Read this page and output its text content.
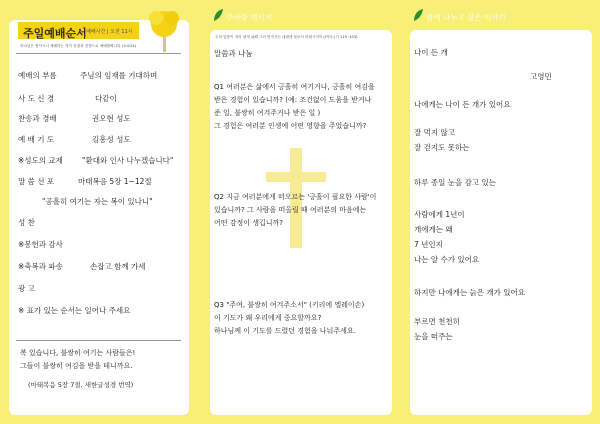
주일예배순서 예배시간 | 오전 11시
하나님은 영이시니 예배하는 자가 신령과 진정으로 예배할찌니라 (요4:24)
예배의 부름	주님의 임재를 기대하며
사 도 신 경	다같이
찬송과 경배	권오현 성도
예 배 기 도	김흥성 성도
※성도의 교제	"환대와 인사 나누겠습니다"
말 씀 선 포	마태복음 5장 1~12절
"공흘히 여기는 자는 복이 있나니"
성 찬
※봉헌과 감사
※축복과 파송	손잡고 함께 가세
광 고
※ 표가 있는 순서는 일어나 주세요
복 있습니다, 불쌍히 여기는 사람들은!
그들이 불쌍히 여김을 받을 테니까요.
(마태복음 5장 7절, 새한글성경 번역)
주사랑 메시지
주의 말씀이 저의 내게 위해 그리 만지시는 내집에 볼보다 어떠시지이나이다.(시 119 :103)
말씀과 나눔
Q1 여러분은 삶에서 긍흘히 여기거나, 긍흘히 여김을
받은 경험이 있습니까? (예: 조건없이 도움을 받거나
준 일, 불쌍히 여겨주거나 받은 일 )
그 경험은 여러분 인생에 어떤 영향을 주었습니까?
Q2 지금 여러분에게 떠오르는 '긍흘이 필요한 사람'이
있습니까? 그 사람을 떠올릴 때 여러분의 마음에는
어떤 감정이 생깁니까?
Q3 "주여, 불쌍히 여겨주소서" (키리에 엘레이손)
이 기도가 왜 우리에게 중요할까요?
하나님께 이 기도를 드렸던 경험을 나눠주세요.
함께 나누고 싶은 이야기
나이 든 개
고영민
나에게는 나이 든 개가 있어요
잘 먹지 않고
잘 걷지도 못하는
하루 종일 눈을 감고 있는
사람에게 1년이
개에게는 왜
7 년인지
나는 알 수가 있어요
하지만 나에게는 늙은 개가 있어요
부르면 천천히
눈을 떠주는
